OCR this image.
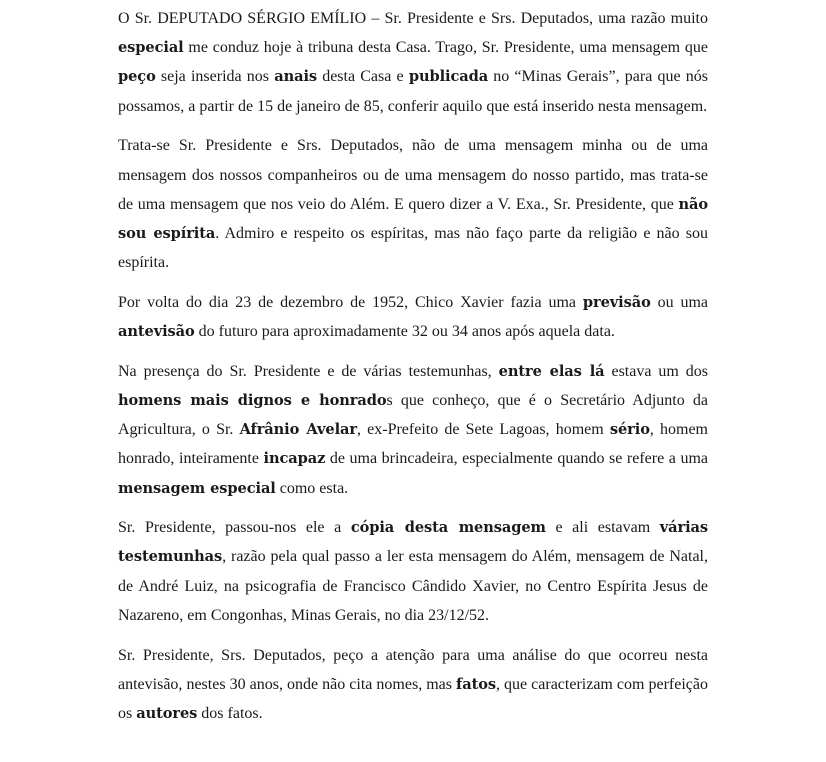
O Sr. DEPUTADO SÉRGIO EMÍLIO – Sr. Presidente e Srs. Deputados, uma razão muito especial me conduz hoje à tribuna desta Casa. Trago, Sr. Presidente, uma mensagem que peço seja inserida nos anais desta Casa e publicada no “Minas Gerais”, para que nós possamos, a partir de 15 de janeiro de 85, conferir aquilo que está inserido nesta mensagem.

Trata-se Sr. Presidente e Srs. Deputados, não de uma mensagem minha ou de uma mensagem dos nossos companheiros ou de uma mensagem do nosso partido, mas trata-se de uma mensagem que nos veio do Além. E quero dizer a V. Exa., Sr. Presidente, que não sou espírita. Admiro e respeito os espíritas, mas não faço parte da religião e não sou espírita.

Por volta do dia 23 de dezembro de 1952, Chico Xavier fazia uma previsão ou uma antevisão do futuro para aproximadamente 32 ou 34 anos após aquela data.

Na presença do Sr. Presidente e de várias testemunhas, entre elas lá estava um dos homens mais dignos e honrados que conheço, que é o Secretário Adjunto da Agricultura, o Sr. Afrânio Avelar, ex-Prefeito de Sete Lagoas, homem sério, homem honrado, inteiramente incapaz de uma brincadeira, especialmente quando se refere a uma mensagem especial como esta.

Sr. Presidente, passou-nos ele a cópia desta mensagem e ali estavam várias testemunhas, razão pela qual passo a ler esta mensagem do Além, mensagem de Natal, de André Luiz, na psicografia de Francisco Cândido Xavier, no Centro Espírita Jesus de Nazareno, em Congonhas, Minas Gerais, no dia 23/12/52.

Sr. Presidente, Srs. Deputados, peço a atenção para uma análise do que ocorreu nesta antevisão, nestes 30 anos, onde não cita nomes, mas fatos, que caracterizam com perfeição os autores dos fatos.
